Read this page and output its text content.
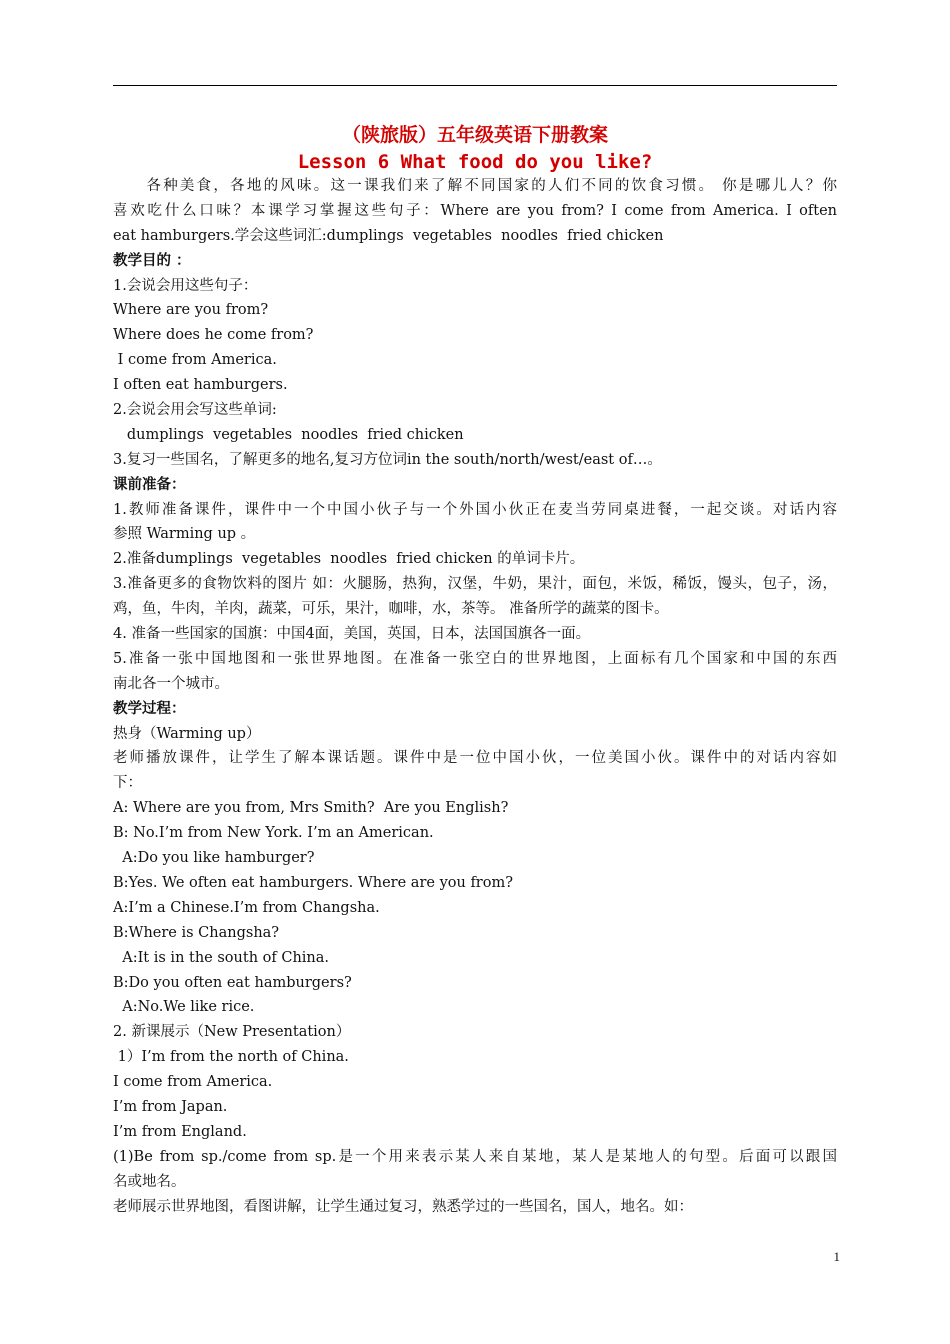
（陕旅版）五年级英语下册教案
Lesson 6 What food do you like?
　　各种美食，各地的风味。这一课我们来了解不同国家的人们不同的饮食习惯。 你是哪儿人？你
喜欢吃什么口味？本课学习掌握这些句子：Where are you from? I come from America. I often
eat hamburgers.学会这些词汇:dumplings  vegetables  noodles  fried chicken
教学目的 ：
1.会说会用这些句子：
Where are you from?
Where does he come from?
I come from America.
I often eat hamburgers.
2.会说会用会写这些单词:
dumplings  vegetables  noodles  fried chicken
3.复习一些国名，了解更多的地名,复习方位词in the south/north/west/east of…。
课前准备：
1.教师准备课件，课件中一个中国小伙子与一个外国小伙正在麦当劳同桌进餐，一起交谈。对话内容
参照 Warming up 。
2.准备dumplings  vegetables  noodles  fried chicken 的单词卡片。
3.准备更多的食物饮料的图片 如：火腿肠，热狗，汉堡，牛奶，果汁，面包，米饭，稀饭，馒头，包子，汤，
鸡，鱼，牛肉，羊肉，蔬菜，可乐，果汁，咖啡，水，茶等。 准备所学的蔬菜的图卡。
4. 准备一些国家的国旗：中国4面，美国，英国，日本，法国国旗各一面。
5.准备一张中国地图和一张世界地图。在准备一张空白的世界地图，上面标有几个国家和中国的东西
南北各一个城市。
教学过程：
热身（Warming up）
老师播放课件，让学生了解本课话题。课件中是一位中国小伙，一位美国小伙。课件中的对话内容如
下：
A: Where are you from, Mrs Smith?  Are you English?
B: No.I’m from New York. I’m an American.
A:Do you like hamburger?
B:Yes. We often eat hamburgers. Where are you from?
A:I’m a Chinese.I’m from Changsha.
B:Where is Changsha?
A:It is in the south of China.
B:Do you often eat hamburgers?
A:No.We like rice.
2. 新课展示（New Presentation）
1）I’m from the north of China.
I come from America.
I’m from Japan.
I’m from England.
(1)Be from sp./come from sp.是一个用来表示某人来自某地，某人是某地人的句型。后面可以跟国
名或地名。
老师展示世界地图，看图讲解，让学生通过复习，熟悉学过的一些国名，国人，地名。如：
1
